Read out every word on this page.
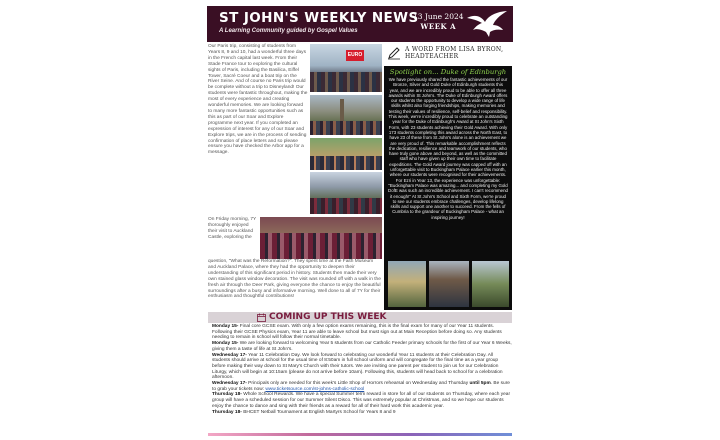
ST JOHN'S WEEKLY NEWS
A Learning Community guided by Gospel Values
13 June 2024
WEEK A
Our Paris trip, consisting of students from Years 8, 9 and 10, had a wonderful three days in the French capital last week. From their Stade France tour to exploring the cultural sights of Paris, including the Basilica, Eiffel Tower, Sacré Coeur and a boat trip on the River Seine. And of course no Paris trip would be complete without a trip to Disneyland! Our students were fantastic throughout, making the most of every experience and creating wonderful memories. We are looking forward to many more fantastic opportunities such as this as part of our Soar and Explore programme next year. If you completed an expression of interest for any of our Soar and Explore trips, we are in the process of sending confirmation of place letters and so please ensure you have checked the Arbor app for a message.
EURO
On Friday morning, 7Y thoroughly enjoyed their visit to Auckland Castle, exploring the
question, "What was the Reformation?". They spent time at the Faith Museum and Auckland Palace, where they had the opportunity to deepen their understanding of this significant period in history. Students then made their very own stained glass window decoration. The visit was rounded off with a walk in the fresh air through the Deer Park, giving everyone the chance to enjoy the beautiful surroundings after a busy and informative morning. Well done to all of 7Y for their enthusiasm and thoughtful contributions!
A WORD FROM LISA BYRON, HEADTEACHER
Spotlight on... Duke of Edinburgh
We have previously shared the fantastic achievements of our Bronze, Silver and Gold Duke of Edinburgh students this year, and we are incredibly proud to be able to offer all three awards within St John's. The Duke of Edinburgh Award offers our students the opportunity to develop a wide range of life skills whilst also forging friendships, making memories and testing their values of resilience, self-belief and responsibility. This week, we're incredibly proud to celebrate an outstanding year for the Duke of Edinburgh's Award at St John's Sixth Form, with 23 students achieving their Gold Award. With only 173 students completing this award across the North East, to have 23 of these from St John's alone is an achievement we are very proud of. This remarkable accomplishment reflects the dedication, resilience and teamwork of our students, who have truly gone above and beyond, as well as the committed staff who have given up their own time to facilitate expeditions. The Gold Award journey was capped off with an unforgettable visit to Buckingham Palace earlier this month, where our students were recognised for their achievements. For Ezri in Year 13, the experience was unforgettable: "Buckingham Palace was amazing... and completing my Gold DofE was such an incredible achievement. I can't recommend it enough!" At St John's School and Sixth Form, we're proud to see our students embrace challenges, develop lifelong skills and support one another to succeed. From the fells of Cumbria to the grandeur of Buckingham Palace - what an inspiring journey!
COMING UP THIS WEEK
Monday 15- Final core GCSE exam. With only a few option exams remaining, this is the final exam for many of our Year 11 students. Following their GCSE Physics exam, Year 11 are able to leave school but must sign out at Main Reception before doing so. Any students needing to remain in school will follow their normal timetable.
Monday 15- We are looking forward to welcoming Year 5 students from our Catholic Feeder primary schools for the first of our Year 6 Weeks, giving them a taste of life at St John's.
Wednesday 17- Year 11 Celebration Day. We look forward to celebrating our wonderful Year 11 students at their Celebration Day. All students should arrive at school for the usual time of 8:50am in full school uniform and will congregate for the final time as a year group before making their way down to St Mary's Church with their tutors. We are inviting one parent per student to join us for our Celebration Liturgy, which will begin at 10:15am (please do not arrive before 10am). Following this, students will head back to school for a celebration afternoon.
Wednesday 17- Principals only are needed for this week's Little Shop of Horrors rehearsal on Wednesday and Thursday until 5pm. Be sure to grab your tickets now: www.ticketsource.com/st-johns-catholic-school
Thursday 18- Whole School Rewards. We have a special Summer term reward in store for all of our students on Thursday, where each year group will have a scheduled session for our Summer Silent Disco. This was extremely popular at Christmas, and so we hope our students enjoy the chance to dance and sing with their friends as a reward for all of their hard work this academic year.
Thursday 18- BHCET Netball Tournament at English Martyrs School for Years 8 and 9
